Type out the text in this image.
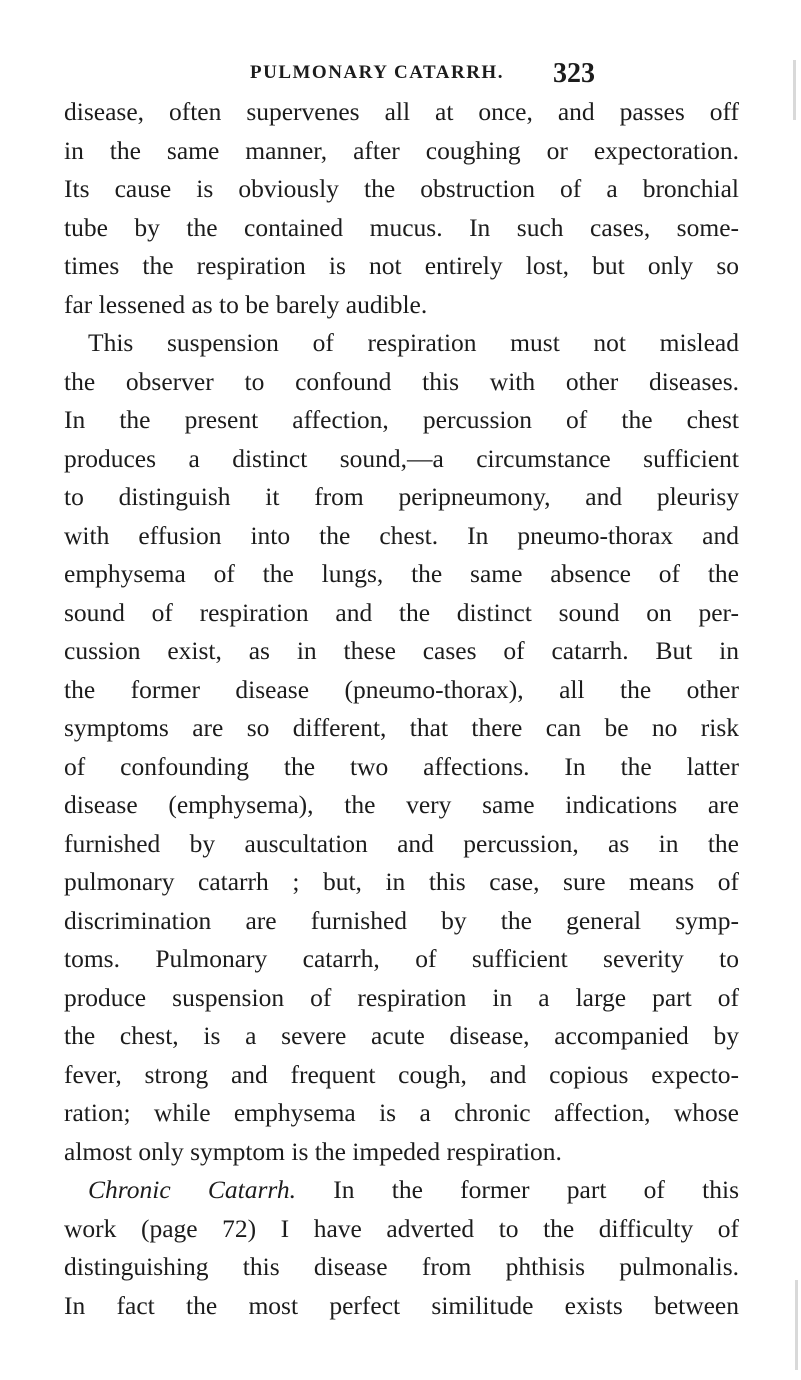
PULMONARY CATARRH. 323
disease, often supervenes all at once, and passes off
in the same manner, after coughing or expectoration.
Its cause is obviously the obstruction of a bronchial
tube by the contained mucus. In such cases, some-
times the respiration is not entirely lost, but only so
far lessened as to be barely audible.
This suspension of respiration must not mislead
the observer to confound this with other diseases.
In the present affection, percussion of the chest
produces a distinct sound,—a circumstance sufficient
to distinguish it from peripneumony, and pleurisy
with effusion into the chest. In pneumo-thorax and
emphysema of the lungs, the same absence of the
sound of respiration and the distinct sound on per-
cussion exist, as in these cases of catarrh. But in
the former disease (pneumo-thorax), all the other
symptoms are so different, that there can be no risk
of confounding the two affections. In the latter
disease (emphysema), the very same indications are
furnished by auscultation and percussion, as in the
pulmonary catarrh ; but, in this case, sure means of
discrimination are furnished by the general symp-
toms. Pulmonary catarrh, of sufficient severity to
produce suspension of respiration in a large part of
the chest, is a severe acute disease, accompanied by
fever, strong and frequent cough, and copious expecto-
ration; while emphysema is a chronic affection, whose
almost only symptom is the impeded respiration.
Chronic Catarrh. In the former part of this
work (page 72) I have adverted to the difficulty of
distinguishing this disease from phthisis pulmonalis.
In fact the most perfect similitude exists between
